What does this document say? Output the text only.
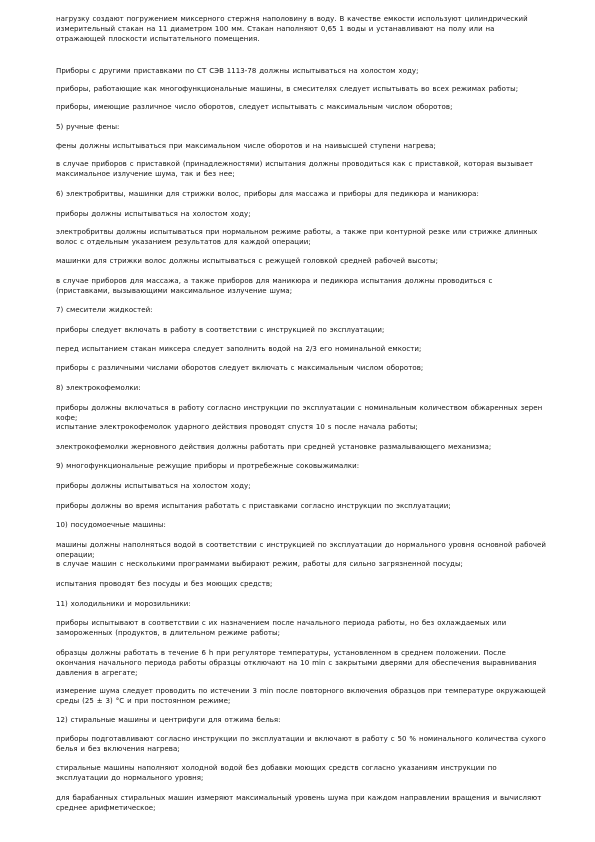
нагрузку создают погружением миксерного стержня наполовину в воду. В качестве емкости используют цилиндрический измерительный стакан на 11 диаметром 100 мм. Стакан наполняют 0,65 1 воды и устанавливают на полу или на отражающей плоскости испытательного помещения.

Приборы с другими приставками по СТ СЭВ 1113-78 должны испытываться на холостом ходу;

приборы, работающие как многофункциональные машины, в смесителях следует испытывать во всех режимах работы;

приборы, имеющие различное число оборотов, следует испытывать с максимальным числом оборотов;

5) ручные фены:

фены должны испытываться при максимальном числе оборотов и на наивысшей ступени нагрева;

в случае приборов с приставкой (принадлежностями) испытания должны проводиться как с приставкой, которая вызывает максимальное излучение шума, так и без нее;

6) электробритвы, машинки для стрижки волос, приборы для массажа и приборы для педикюра и маникюра:

приборы должны испытываться на холостом ходу;

электробритвы должны испытываться при нормальном режиме работы, а также при контурной резке или стрижке длинных волос с отдельным указанием результатов для каждой операции;

машинки для стрижки волос должны испытываться с режущей головкой средней рабочей высоты;

в случае приборов для массажа, а также приборов для маникюра и педикюра испытания должны проводиться с (приставками, вызывающими максимальное излучение шума;

7) смесители жидкостей:

приборы следует включать в работу в соответствии с инструкцией по эксплуатации;

перед испытанием стакан миксера следует заполнить водой на 2/3 его номинальной емкости;

приборы с различными числами оборотов следует включать с максимальным числом оборотов;

8) электрокофемолки:

приборы должны включаться в работу согласно инструкции по эксплуатации с номинальным количеством обжаренных зерен кофе;

испытание электрокофемолок ударного действия проводят спустя 10 s после начала работы;

электрокофемолки жерновного действия должны работать при средней установке размалывающего механизма;

9) многофункциональные режущие приборы и протребежные соковыжималки:

приборы должны испытываться на холостом ходу;

приборы должны во время испытания работать с приставками согласно инструкции по эксплуатации;

10) посудомоечные машины:

машины должны наполняться водой в соответствии с инструкцией по эксплуатации до нормального уровня основной рабочей операции;

в случае машин с несколькими программами выбирают режим, работы для сильно загрязненной посуды;

испытания проводят без посуды и без моющих средств;

11) холодильники и морозильники:

приборы испытывают в соответствии с их назначением после начального периода работы, но без охлаждаемых или замороженных (продуктов, в длительном режиме работы;

образцы должны работать в течение 6 h при регуляторе температуры, установленном в среднем положении. После окончания начального периода работы образцы отключают на 10 min с закрытыми дверями для обеспечения выравнивания давления в агрегате;

измерение шума следует проводить по истечении 3 min после повторного включения образцов при температуре окружающей среды (25 ± 3) °С и при постоянном режиме;

12) стиральные машины и центрифуги для отжима белья:

приборы подготавливают согласно инструкции по эксплуатации и включают в работу с 50 % номинального количества сухого белья и без включения нагрева;

стиральные машины наполняют холодной водой без добавки моющих средств согласно указаниям инструкции по эксплуатации до нормального уровня;

для барабанных стиральных машин измеряют максимальный уровень шума при каждом направлении вращения и вычисляют среднее арифметическое;
